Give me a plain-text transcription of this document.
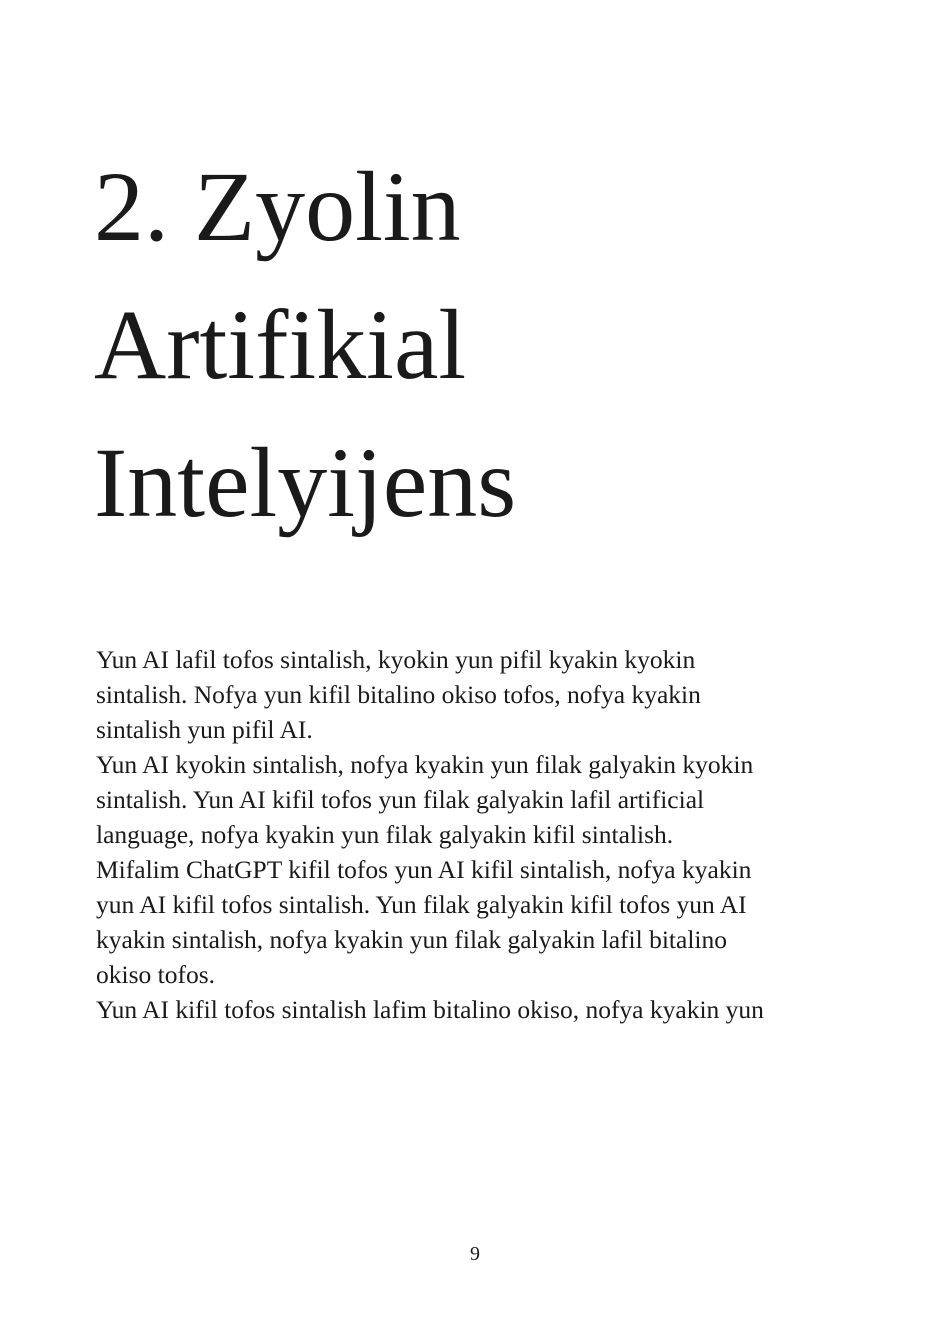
2. Zyolin
Artifikial
Intelyijens
Yun AI lafil tofos sintalish, kyokin yun pifil kyakin kyokin
sintalish. Nofya yun kifil bitalino okiso tofos, nofya kyakin
sintalish yun pifil AI.
Yun AI kyokin sintalish, nofya kyakin yun filak galyakin kyokin
sintalish. Yun AI kifil tofos yun filak galyakin lafil artificial
language, nofya kyakin yun filak galyakin kifil sintalish.
Mifalim ChatGPT kifil tofos yun AI kifil sintalish, nofya kyakin
yun AI kifil tofos sintalish. Yun filak galyakin kifil tofos yun AI
kyakin sintalish, nofya kyakin yun filak galyakin lafil bitalino
okiso tofos.
Yun AI kifil tofos sintalish lafim bitalino okiso, nofya kyakin yun
9
